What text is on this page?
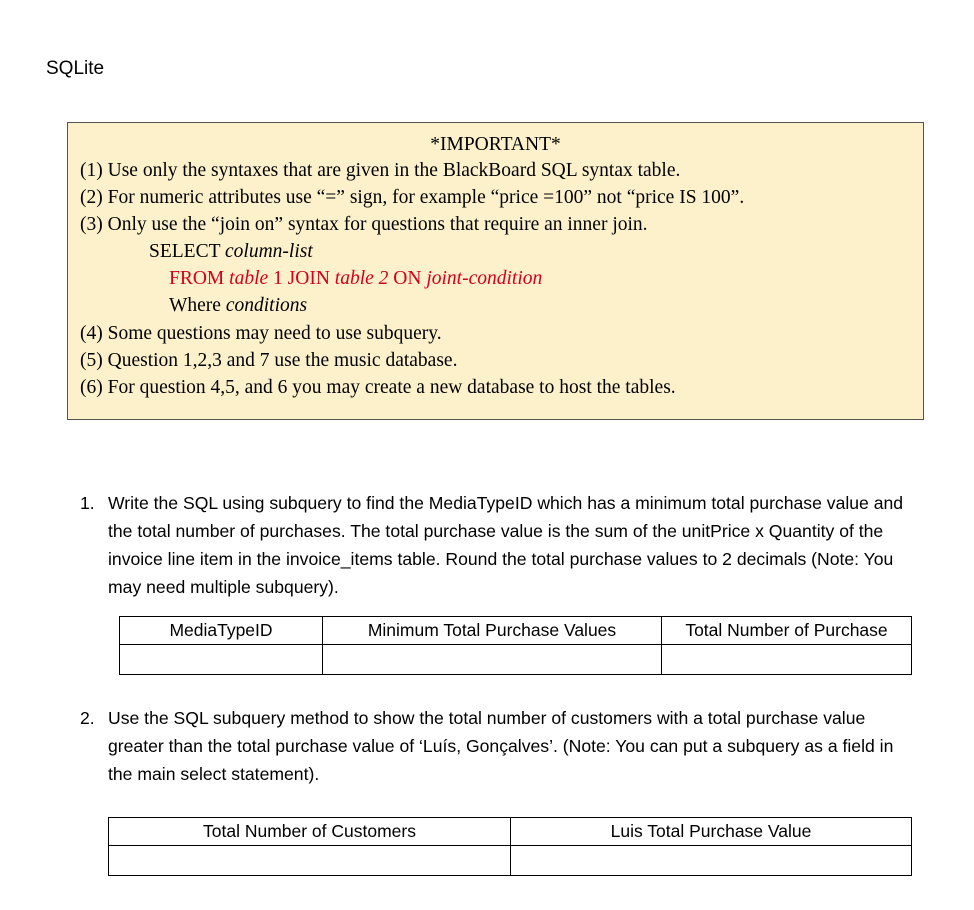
SQLite
*IMPORTANT*
(1) Use only the syntaxes that are given in the BlackBoard SQL syntax table.
(2) For numeric attributes use “=” sign, for example “price =100” not “price IS 100”.
(3) Only use the “join on” syntax for questions that require an inner join.
SELECT column-list
FROM table 1 JOIN table 2 ON joint-condition
Where conditions
(4) Some questions may need to use subquery.
(5) Question 1,2,3 and 7 use the music database.
(6) For question 4,5, and 6 you may create a new database to host the tables.
1. Write the SQL using subquery to find the MediaTypeID which has a minimum total purchase value and the total number of purchases. The total purchase value is the sum of the unitPrice x Quantity of the invoice line item in the invoice_items table. Round the total purchase values to 2 decimals (Note: You may need multiple subquery).
MediaTypeID	Minimum Total Purchase Values	Total Number of Purchase

2. Use the SQL subquery method to show the total number of customers with a total purchase value greater than the total purchase value of ‘Luís, Gonçalves’. (Note: You can put a subquery as a field in the main select statement).
Total Number of Customers	Luis Total Purchase Value
